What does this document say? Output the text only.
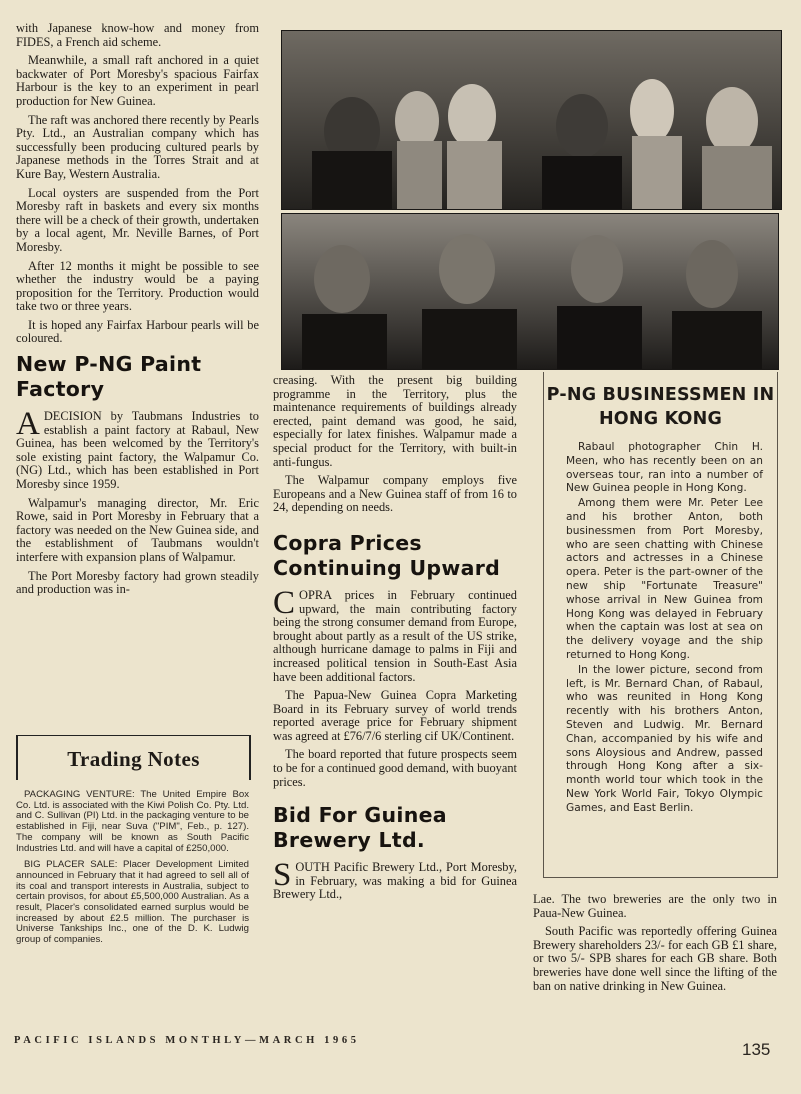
with Japanese know-how and money from FIDES, a French aid scheme.

Meanwhile, a small raft anchored in a quiet backwater of Port Moresby's spacious Fairfax Harbour is the key to an experiment in pearl production for New Guinea.

The raft was anchored there recently by Pearls Pty. Ltd., an Australian company which has successfully been producing cultured pearls by Japanese methods in the Torres Strait and at Kure Bay, Western Australia.

Local oysters are suspended from the Port Moresby raft in baskets and every six months there will be a check of their growth, undertaken by a local agent, Mr. Neville Barnes, of Port Moresby.

After 12 months it might be possible to see whether the industry would be a paying proposition for the Territory. Production would take two or three years.

It is hoped any Fairfax Harbour pearls will be coloured.

New P-NG Paint Factory

ADECISION by Taubmans Industries to establish a paint factory at Rabaul, New Guinea, has been welcomed by the Territory's sole existing paint factory, the Walpamur Co. (NG) Ltd., which has been established in Port Moresby since 1959.

Walpamur's managing director, Mr. Eric Rowe, said in Port Moresby in February that a factory was needed on the New Guinea side, and the establishment of Taubmans wouldn't interfere with expansion plans of Walpamur.

The Port Moresby factory had grown steadily and production was in-

Trading Notes

PACKAGING VENTURE: The United Empire Box Co. Ltd. is associated with the Kiwi Polish Co. Pty. Ltd. and C. Sullivan (PI) Ltd. in the packaging venture to be established in Fiji, near Suva ("PIM", Feb., p. 127). The company will be known as South Pacific Industries Ltd. and will have a capital of £250,000.

BIG PLACER SALE: Placer Development Limited announced in February that it had agreed to sell all of its coal and transport interests in Australia, subject to certain provisos, for about £5,500,000 Australian. As a result, Placer's consolidated earned surplus would be increased by about £2.5 million. The purchaser is Universe Tankships Inc., one of the D. K. Ludwig group of companies.

creasing. With the present big building programme in the Territory, plus the maintenance requirements of buildings already erected, paint demand was good, he said, especially for latex finishes. Walpamur made a special product for the Territory, with built-in anti-fungus.

The Walpamur company employs five Europeans and a New Guinea staff of from 16 to 24, depending on needs.

Copra Prices Continuing Upward

COPRA prices in February continued upward, the main contributing factory being the strong consumer demand from Europe, brought about partly as a result of the US strike, although hurricane damage to palms in Fiji and increased political tension in South-East Asia have been additional factors.

The Papua-New Guinea Copra Marketing Board in its February survey of world trends reported average price for February shipment was agreed at £76/7/6 sterling cif UK/Continent.

The board reported that future prospects seem to be for a continued good demand, with buoyant prices.

Bid For Guinea Brewery Ltd.

SOUTH Pacific Brewery Ltd., Port Moresby, in February, was making a bid for Guinea Brewery Ltd.,

P-NG BUSINESSMEN IN HONG KONG

Rabaul photographer Chin H. Meen, who has recently been on an overseas tour, ran into a number of New Guinea people in Hong Kong.

Among them were Mr. Peter Lee and his brother Anton, both businessmen from Port Moresby, who are seen chatting with Chinese actors and actresses in a Chinese opera. Peter is the part-owner of the new ship "Fortunate Treasure" whose arrival in New Guinea from Hong Kong was delayed in February when the captain was lost at sea on the delivery voyage and the ship returned to Hong Kong.

In the lower picture, second from left, is Mr. Bernard Chan, of Rabaul, who was reunited in Hong Kong recently with his brothers Anton, Steven and Ludwig. Mr. Bernard Chan, accompanied by his wife and sons Aloysious and Andrew, passed through Hong Kong after a six-month world tour which took in the New York World Fair, Tokyo Olympic Games, and East Berlin.

Lae. The two breweries are the only two in Paua-New Guinea.

South Pacific was reportedly offering Guinea Brewery shareholders 23/- for each GB £1 share, or two 5/- SPB shares for each GB share. Both breweries have done well since the lifting of the ban on native drinking in New Guinea.

PACIFIC ISLANDS MONTHLY—MARCH 1965	135
